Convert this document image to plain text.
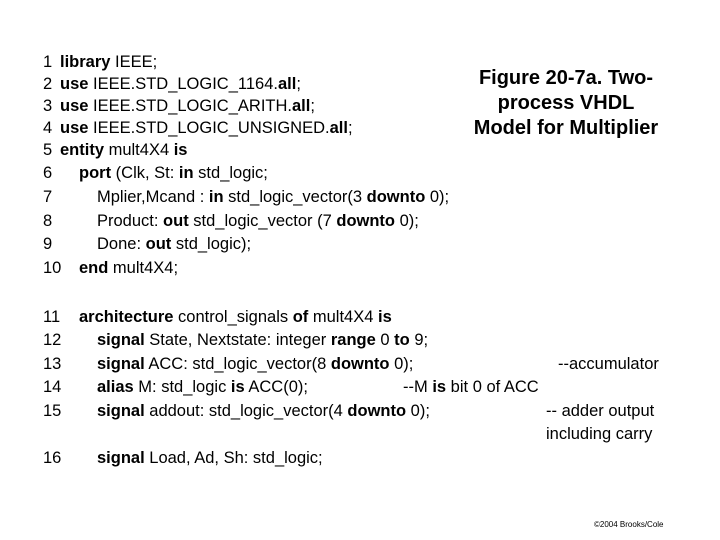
Figure 20-7a. Two-
process VHDL
Model for Multiplier
1 library IEEE;
2 use IEEE.STD_LOGIC_1164.all;
3 use IEEE.STD_LOGIC_ARITH.all;
4 use IEEE.STD_LOGIC_UNSIGNED.all;
5 entity mult4X4 is
6 port (Clk, St: in std_logic;
7	Mplier,Mcand : in std_logic_vector(3 downto 0);
8	Product: out std_logic_vector (7 downto 0);
9	Done: out std_logic);
10 end mult4X4;
11 architecture control_signals of mult4X4 is
12 signal State, Nextstate: integer range 0 to 9;
13 signal ACC: std_logic_vector(8 downto 0);	--accumulator
14 alias M: std_logic is ACC(0);	--M is bit 0 of ACC
15 signal addout: std_logic_vector(4 downto 0);	-- adder output
including carry
16 signal Load, Ad, Sh: std_logic;
©2004 Brooks/Cole
